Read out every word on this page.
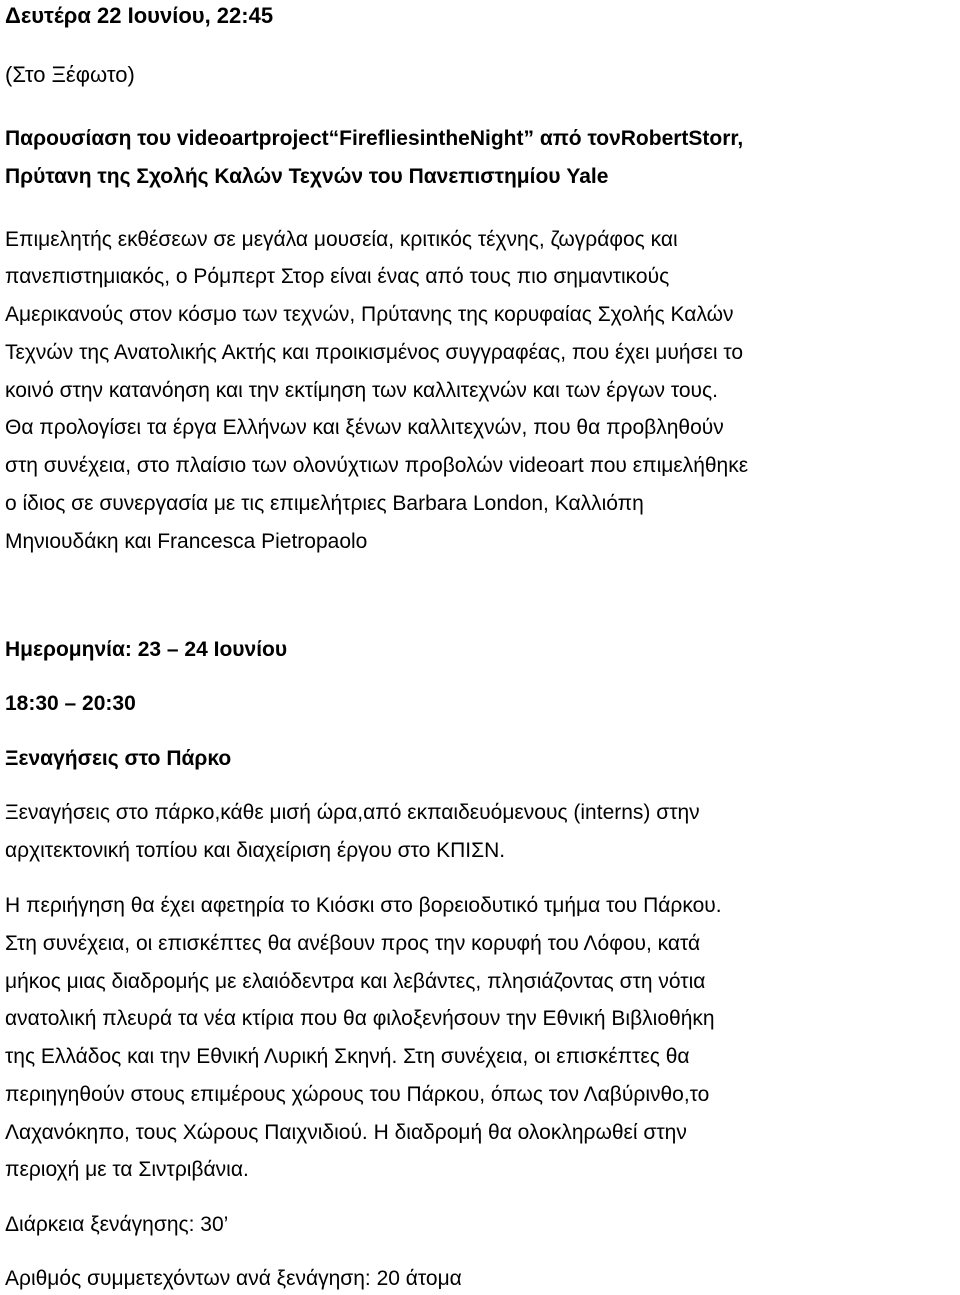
Δευτέρα 22 Ιουνίου, 22:45
(Στο Ξέφωτο)
Παρουσίαση του videoartproject“FirefliesintheNight” από τονRobertStorr,
Πρύτανη της Σχολής Καλών Τεχνών του Πανεπιστημίου Yale
Επιμελητής εκθέσεων σε μεγάλα μουσεία, κριτικός τέχνης, ζωγράφος και
πανεπιστημιακός, ο Ρόμπερτ Στορ είναι ένας από τους πιο σημαντικούς
Αμερικανούς στον κόσμο των τεχνών, Πρύτανης της κορυφαίας Σχολής Καλών
Τεχνών της Ανατολικής Ακτής και προικισμένος συγγραφέας, που έχει μυήσει το
κοινό στην κατανόηση και την εκτίμηση των καλλιτεχνών και των έργων τους.
Θα προλογίσει τα έργα Ελλήνων και ξένων καλλιτεχνών, που θα προβληθούν
στη συνέχεια, στο πλαίσιο των ολονύχτιων προβολών videoart που επιμελήθηκε
ο ίδιος σε συνεργασία με τις επιμελήτριες Barbara London, Καλλιόπη
Μηνιουδάκη και Francesca Pietropaolo
Ημερομηνία: 23 – 24 Ιουνίου
18:30 – 20:30
Ξεναγήσεις στο Πάρκο
Ξεναγήσεις στο πάρκο,κάθε μισή ώρα,από εκπαιδευόμενους (interns) στην
αρχιτεκτονική τοπίου και διαχείριση έργου στο ΚΠΙΣΝ.
Η περιήγηση θα έχει αφετηρία το Κιόσκι στο βορειοδυτικό τμήμα του Πάρκου.
Στη συνέχεια, οι επισκέπτες θα ανέβουν προς την κορυφή του Λόφου, κατά
μήκος μιας διαδρομής με ελαιόδεντρα και λεβάντες, πλησιάζοντας στη νότια
ανατολική πλευρά τα νέα κτίρια που θα φιλοξενήσουν την Εθνική Βιβλιοθήκη
της Ελλάδος και την Εθνική Λυρική Σκηνή. Στη συνέχεια, οι επισκέπτες θα
περιηγηθούν στους επιμέρους χώρους του Πάρκου, όπως τον Λαβύρινθο,το
Λαχανόκηπο, τους Χώρους Παιχνιδιού. Η διαδρομή θα ολοκληρωθεί στην
περιοχή με τα Σιντριβάνια.
Διάρκεια ξενάγησης: 30’
Αριθμός συμμετεχόντων ανά ξενάγηση: 20 άτομα
